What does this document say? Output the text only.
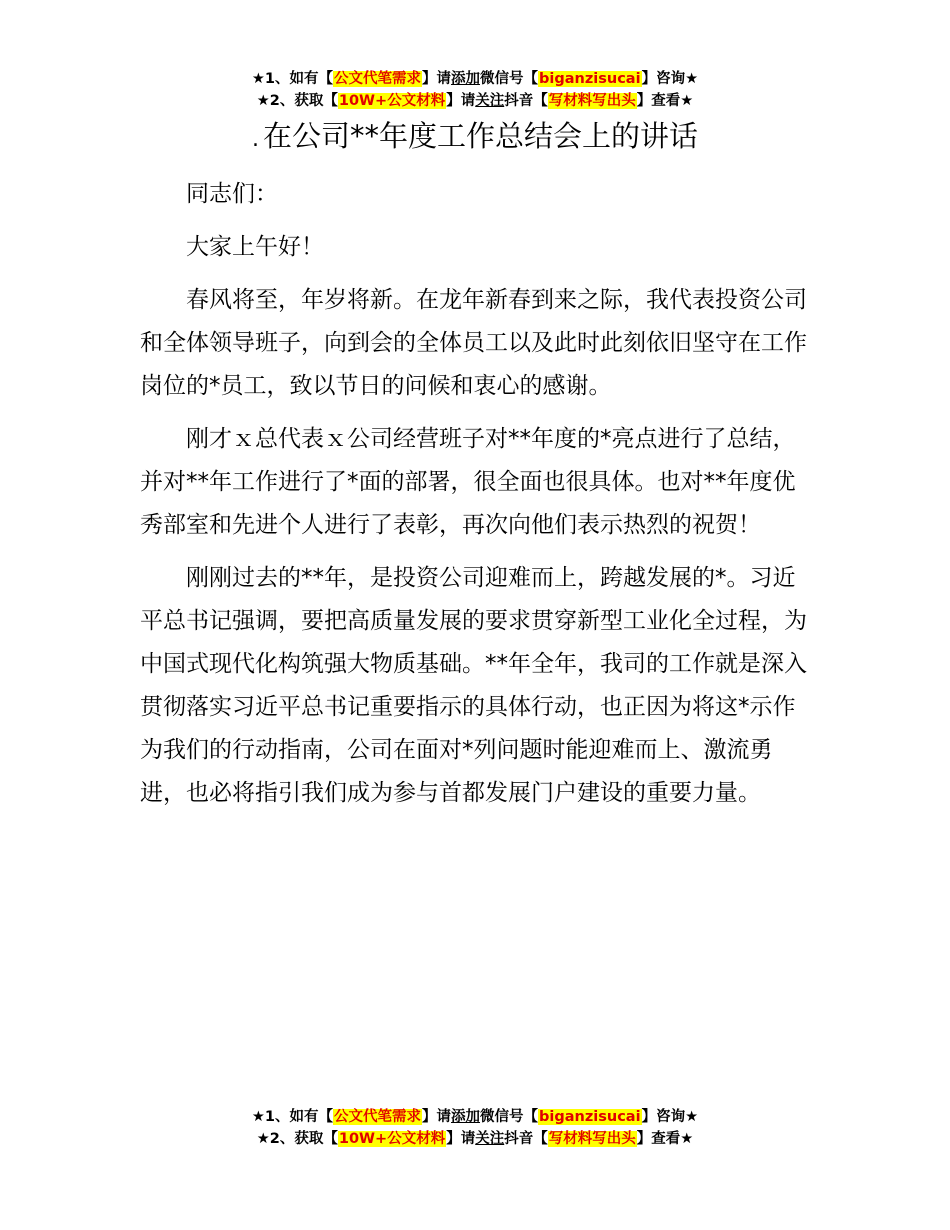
★1、如有【公文代笔需求】请添加微信号【biganzisucai】咨询★
★2、获取【10W+公文材料】请关注抖音【写材料写出头】查看★
. 在公司**年度工作总结会上的讲话

同志们：

大家上午好！

春风将至，年岁将新。在龙年新春到来之际，我代表投资公司和全体领导班子，向到会的全体员工以及此时此刻依旧坚守在工作岗位的*员工，致以节日的问候和衷心的感谢。

刚才ｘ总代表ｘ公司经营班子对**年度的*亮点进行了总结，并对**年工作进行了*面的部署，很全面也很具体。也对**年度优秀部室和先进个人进行了表彰，再次向他们表示热烈的祝贺！

刚刚过去的**年，是投资公司迎难而上，跨越发展的*。习近平总书记强调，要把高质量发展的要求贯穿新型工业化全过程，为中国式现代化构筑强大物质基础。**年全年，我司的工作就是深入贯彻落实习近平总书记重要指示的具体行动，也正因为将这*示作为我们的行动指南，公司在面对*列问题时能迎难而上、激流勇进，也必将指引我们成为参与首都发展门户建设的重要力量。

★1、如有【公文代笔需求】请添加微信号【biganzisucai】咨询★
★2、获取【10W+公文材料】请关注抖音【写材料写出头】查看★
